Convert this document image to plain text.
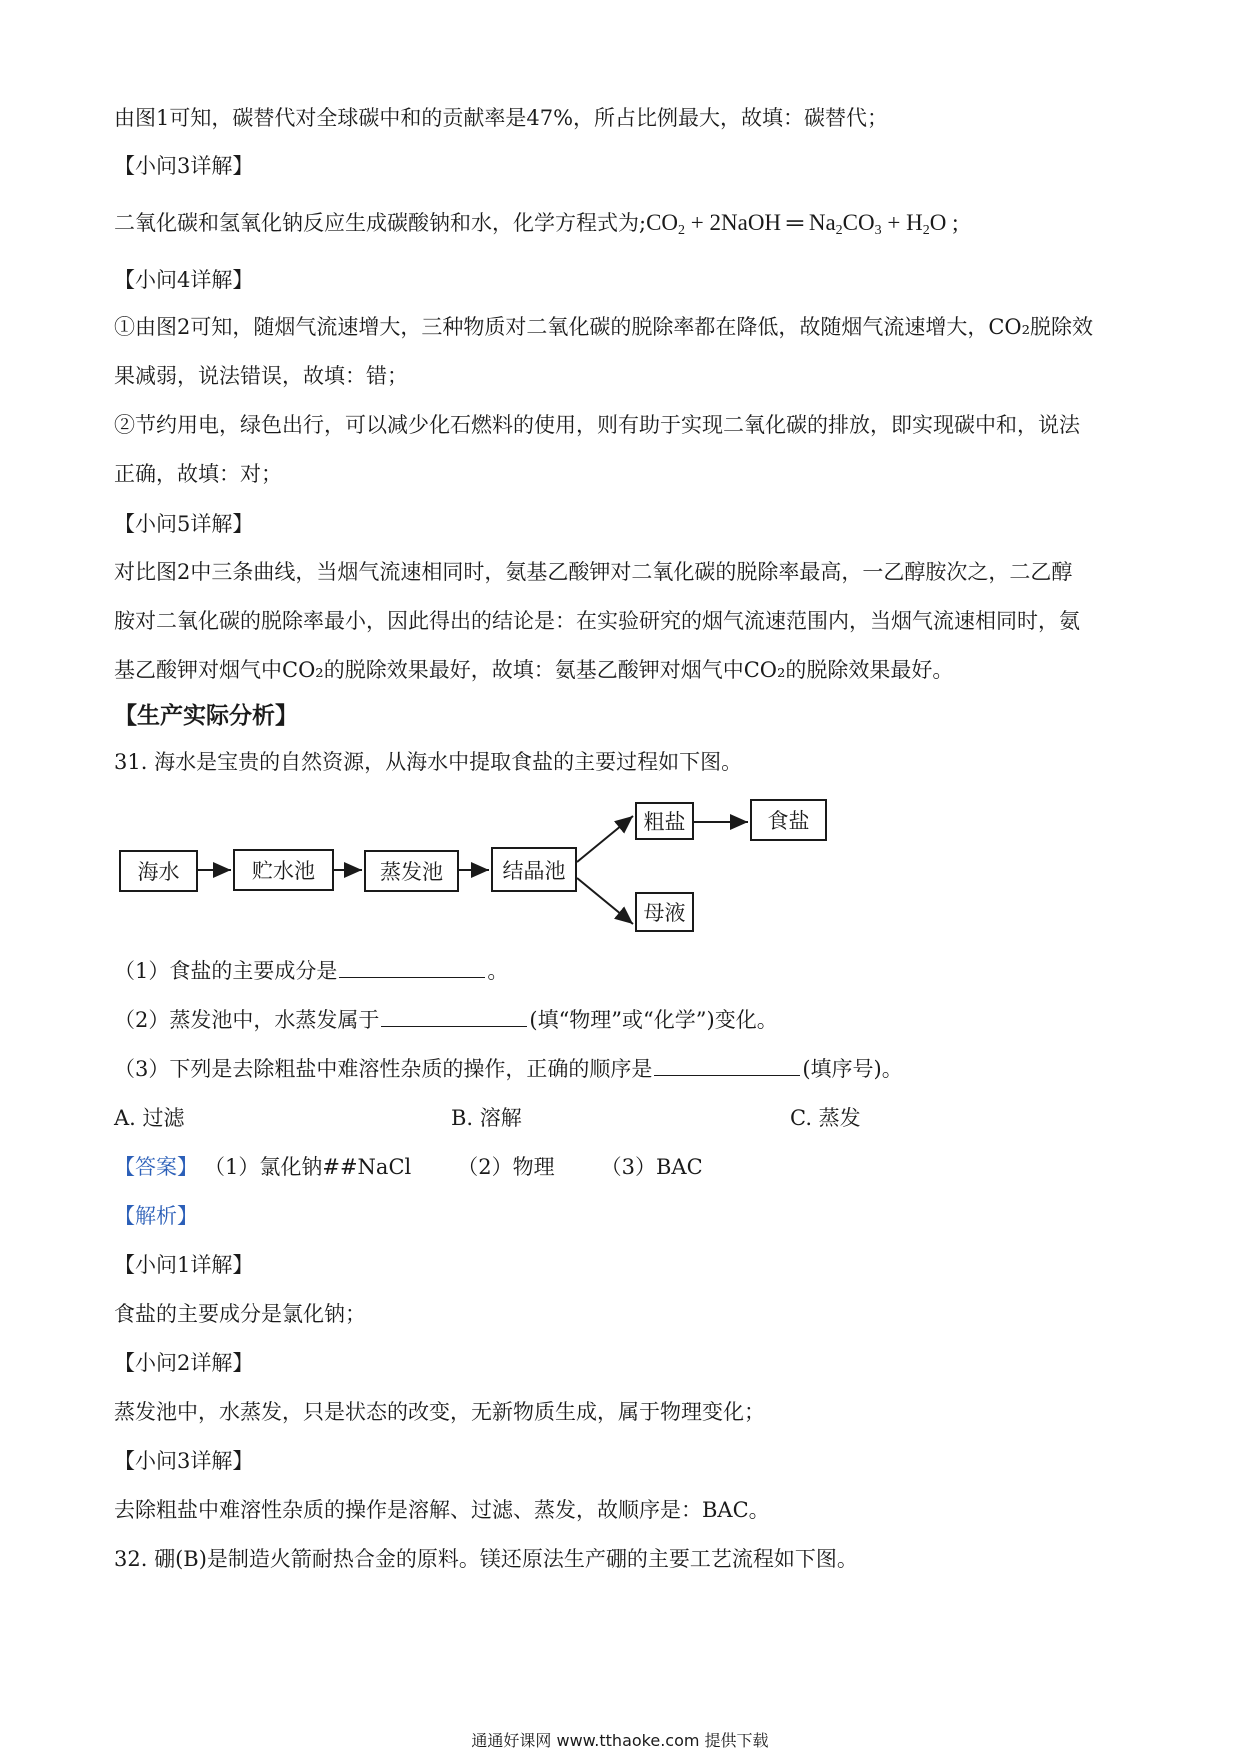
由图1可知，碳替代对全球碳中和的贡献率是47%，所占比例最大，故填：碳替代；
【小问3详解】
二氧化碳和氢氧化钠反应生成碳酸钠和水，化学方程式为$;CO_2$ + 2NaOH ═ $Na_2CO_3 + H_2O$ ;
【小问4详解】
①由图2可知，随烟气流速增大，三种物质对二氧化碳的脱除率都在降低，故随烟气流速增大，CO₂脱除效
果减弱，说法错误，故填：错；
②节约用电，绿色出行，可以减少化石燃料的使用，则有助于实现二氧化碳的排放，即实现碳中和，说法
正确，故填：对；
【小问5详解】
对比图2中三条曲线，当烟气流速相同时，氨基乙酸钾对二氧化碳的脱除率最高，一乙醇胺次之，二乙醇
胺对二氧化碳的脱除率最小，因此得出的结论是：在实验研究的烟气流速范围内，当烟气流速相同时，氨
基乙酸钾对烟气中CO₂的脱除效果最好，故填：氨基乙酸钾对烟气中CO₂的脱除效果最好。
【生产实际分析】
31. 海水是宝贵的自然资源，从海水中提取食盐的主要过程如下图。
海水	贮水池	蒸发池	结晶池
粗盐	食盐
母液
（1）食盐的主要成分是	。
（2）蒸发池中，水蒸发属于	(填“物理”或“化学”)变化。
（3）下列是去除粗盐中难溶性杂质的操作，正确的顺序是	(填序号)。
A. 过滤	B. 溶解	C. 蒸发
【答案】 （1）氯化钠##NaCl （2）物理 （3）BAC
【解析】
【小问1详解】
食盐的主要成分是氯化钠；
【小问2详解】
蒸发池中，水蒸发，只是状态的改变，无新物质生成，属于物理变化；
【小问3详解】
去除粗盐中难溶性杂质的操作是溶解、过滤、蒸发，故顺序是：BAC。
32. 硼(B)是制造火箭耐热合金的原料。镁还原法生产硼的主要工艺流程如下图。
通通好课网 www.tthaoke.com 提供下载
